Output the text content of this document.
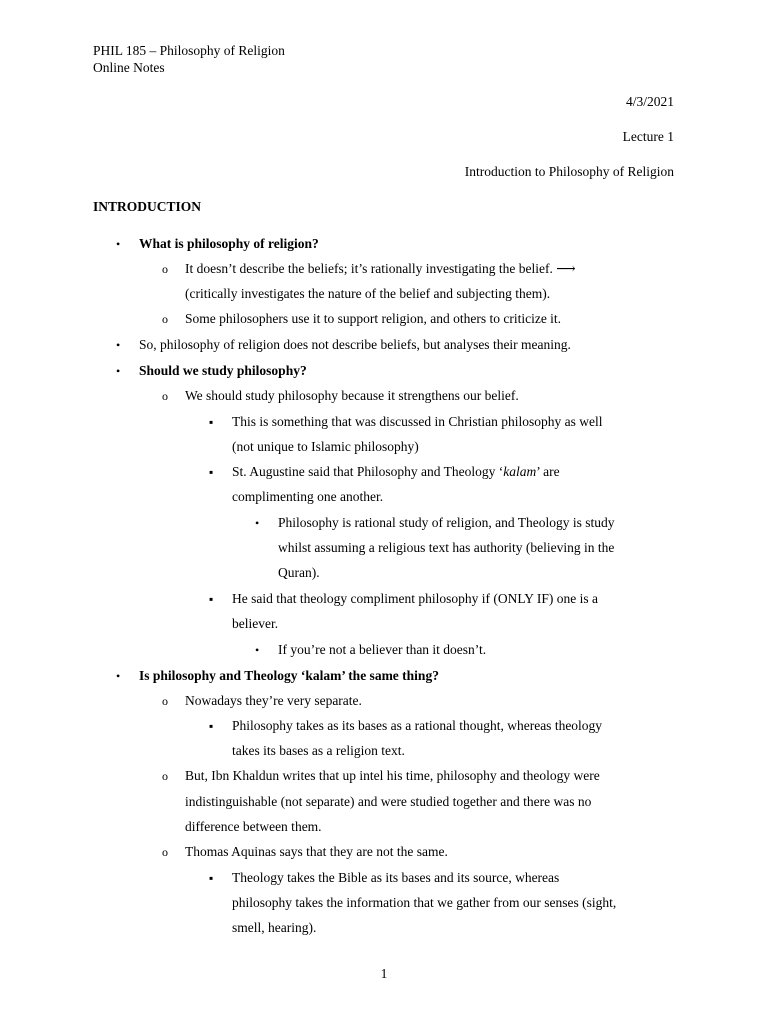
PHIL 185 – Philosophy of Religion
Online Notes
4/3/2021
Lecture 1
Introduction to Philosophy of Religion
INTRODUCTION
• What is philosophy of religion?
o It doesn’t describe the beliefs; it’s rationally investigating the belief. ⟶
(critically investigates the nature of the belief and subjecting them).
o Some philosophers use it to support religion, and others to criticize it.
• So, philosophy of religion does not describe beliefs, but analyses their meaning.
• Should we study philosophy?
o We should study philosophy because it strengthens our belief.
▪ This is something that was discussed in Christian philosophy as well
(not unique to Islamic philosophy)
▪ St. Augustine said that Philosophy and Theology ‘kalam’ are
complimenting one another.
• Philosophy is rational study of religion, and Theology is study
whilst assuming a religious text has authority (believing in the
Quran).
▪ He said that theology compliment philosophy if (ONLY IF) one is a
believer.
• If you’re not a believer than it doesn’t.
• Is philosophy and Theology ‘kalam’ the same thing?
o Nowadays they’re very separate.
▪ Philosophy takes as its bases as a rational thought, whereas theology
takes its bases as a religion text.
o But, Ibn Khaldun writes that up intel his time, philosophy and theology were
indistinguishable (not separate) and were studied together and there was no
difference between them.
o Thomas Aquinas says that they are not the same.
▪ Theology takes the Bible as its bases and its source, whereas
philosophy takes the information that we gather from our senses (sight,
smell, hearing).
1
